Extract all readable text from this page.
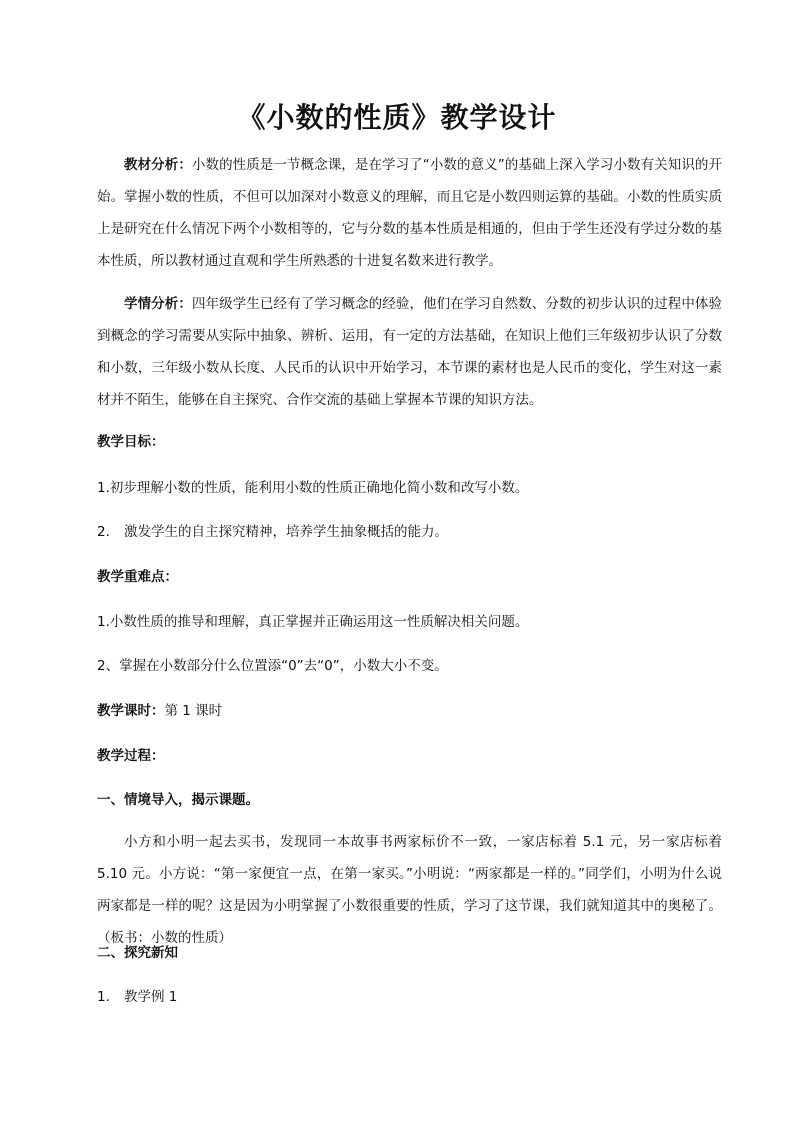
《小数的性质》教学设计

教材分析：小数的性质是一节概念课，是在学习了“小数的意义”的基础上深入学习小数有关知识的开始。掌握小数的性质，不但可以加深对小数意义的理解，而且它是小数四则运算的基础。小数的性质实质上是研究在什么情况下两个小数相等的，它与分数的基本性质是相通的，但由于学生还没有学过分数的基本性质，所以教材通过直观和学生所熟悉的十进复名数来进行教学。

学情分析：四年级学生已经有了学习概念的经验，他们在学习自然数、分数的初步认识的过程中体验到概念的学习需要从实际中抽象、辨析、运用，有一定的方法基础，在知识上他们三年级初步认识了分数和小数，三年级小数从长度、人民币的认识中开始学习，本节课的素材也是人民币的变化，学生对这一素材并不陌生，能够在自主探究、合作交流的基础上掌握本节课的知识方法。

教学目标：

1.初步理解小数的性质，能利用小数的性质正确地化简小数和改写小数。

2. 激发学生的自主探究精神，培养学生抽象概括的能力。

教学重难点：

1.小数性质的推导和理解，真正掌握并正确运用这一性质解决相关问题。

2、掌握在小数部分什么位置添“0”去“0”，小数大小不变。

教学课时：第 1 课时

教学过程：

一、情境导入，揭示课题。

小方和小明一起去买书，发现同一本故事书两家标价不一致，一家店标着 5.1 元，另一家店标着 5.10 元。小方说：“第一家便宜一点，在第一家买。”小明说：“两家都是一样的。”同学们，小明为什么说两家都是一样的呢？这是因为小明掌握了小数很重要的性质，学习了这节课，我们就知道其中的奥秘了。（板书：小数的性质）

二、探究新知

1. 教学例 1
